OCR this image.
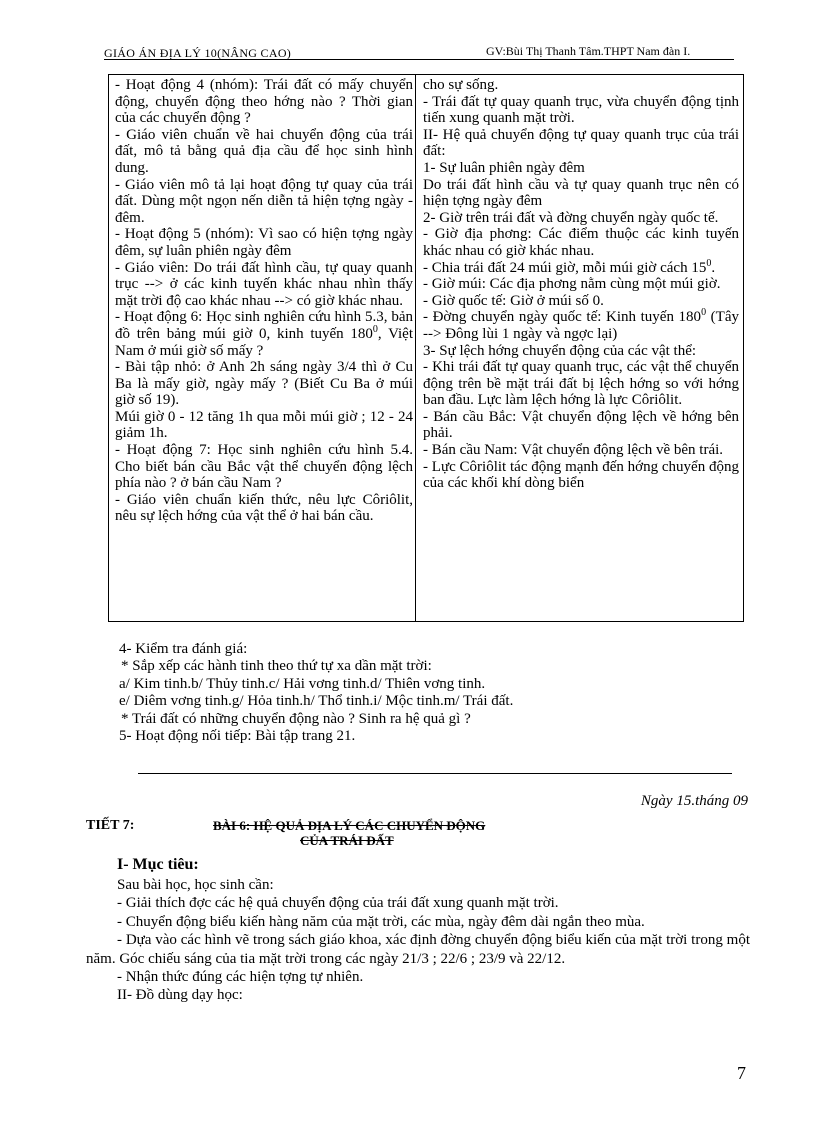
GIÁO ÁN ĐỊA LÝ 10(NÂNG CAO)	GV:Bùi Thị Thanh Tâm.THPT Nam đàn I.

- Hoạt động 4 (nhóm): Trái đất có mấy chuyển động, chuyển động theo hớng nào ? Thời gian của các chuyển động ?

- Giáo viên chuẩn về hai chuyển động của trái đất, mô tả bằng quả địa cầu để học sinh hình dung.

- Giáo viên mô tả lại hoạt động tự quay của trái đất. Dùng một ngọn nến diễn tả hiện tợng ngày - đêm.

- Hoạt động 5 (nhóm): Vì sao có hiện tợng ngày đêm, sự luân phiên ngày đêm

- Giáo viên: Do trái đất hình cầu, tự quay quanh trục --> ở các kinh tuyến khác nhau nhìn thấy mặt trời độ cao khác nhau --> có giờ khác nhau.

- Hoạt động 6: Học sinh nghiên cứu hình 5.3, bản đồ trên bảng múi giờ 0, kinh tuyến $180^0$, Việt Nam ở múi giờ số mấy ?

- Bài tập nhỏ: ở Anh 2h sáng ngày 3/4 thì ở Cu Ba là mấy giờ, ngày mấy ? (Biết Cu Ba ở múi giờ số 19).

Múi giờ 0 - 12 tăng 1h qua mỗi múi giờ ; 12 - 24 giảm 1h.

- Hoạt động 7: Học sinh nghiên cứu hình 5.4. Cho biết bán cầu Bắc vật thể chuyển động lệch phía nào ? ở bán cầu Nam ?

- Giáo viên chuẩn kiến thức, nêu lực Côriôlit, nêu sự lệch hớng của vật thể ở hai bán cầu.

cho sự sống.

- Trái đất tự quay quanh trục, vừa chuyển động tịnh tiến xung quanh mặt trời.

II- Hệ quả chuyển động tự quay quanh trục của trái đất:

1- Sự luân phiên ngày đêm

Do trái đất hình cầu và tự quay quanh trục nên có hiện tợng ngày đêm

2- Giờ trên trái đất và đờng chuyển ngày quốc tế.

- Giờ địa phơng: Các điểm thuộc các kinh tuyến khác nhau có giờ khác nhau.

- Chia trái đất 24 múi giờ, mỗi múi giờ cách $15^0$.

- Giờ múi: Các địa phơng nằm cùng một múi giờ.

- Giờ quốc tế: Giờ ở múi số 0.

- Đờng chuyển ngày quốc tế: Kinh tuyến $180^0$ (Tây --> Đông lùi 1 ngày và ngợc lại)

3- Sự lệch hớng chuyển động của các vật thể:

- Khi trái đất tự quay quanh trục, các vật thể chuyển động trên bề mặt trái đất bị lệch hớng so với hớng ban đầu. Lực làm lệch hớng là lực Côriôlit.

- Bán cầu Bắc: Vật chuyển động lệch về hớng bên phải.

- Bán cầu Nam: Vật chuyển động lệch về bên trái.

- Lực Côriôlit tác động mạnh đến hớng chuyển động của các khối khí dòng biển

4- Kiểm tra đánh giá:

* Sắp xếp các hành tinh theo thứ tự xa dần mặt trời:

a/ Kim tinh.b/ Thủy tinh.c/ Hải vơng tinh.d/ Thiên vơng tinh.

e/ Diêm vơng tinh.g/ Hỏa tinh.h/ Thổ tinh.i/ Mộc tinh.m/ Trái đất.

* Trái đất có những chuyển động nào ? Sinh ra hệ quả gì ?

5- Hoạt động nối tiếp: Bài tập trang 21.

Ngày 15.tháng 09
TIẾT 7:	BÀI 6: HỆ QUẢ ĐỊA LÝ CÁC CHUYỂN ĐỘNG
CỦA TRÁI ĐẤT
I- Mục tiêu:

Sau bài học, học sinh cần:

- Giải thích đợc các hệ quả chuyển động của trái đất xung quanh mặt trời.

- Chuyển động biểu kiến hàng năm của mặt trời, các mùa, ngày đêm dài ngắn theo mùa.

- Dựa vào các hình vẽ trong sách giáo khoa, xác định đờng chuyển động biểu kiến của mặt trời trong một năm. Góc chiếu sáng của tia mặt trời trong các ngày 21/3 ; 22/6 ; 23/9 và 22/12.

- Nhận thức đúng các hiện tợng tự nhiên.

II- Đồ dùng dạy học:

7
